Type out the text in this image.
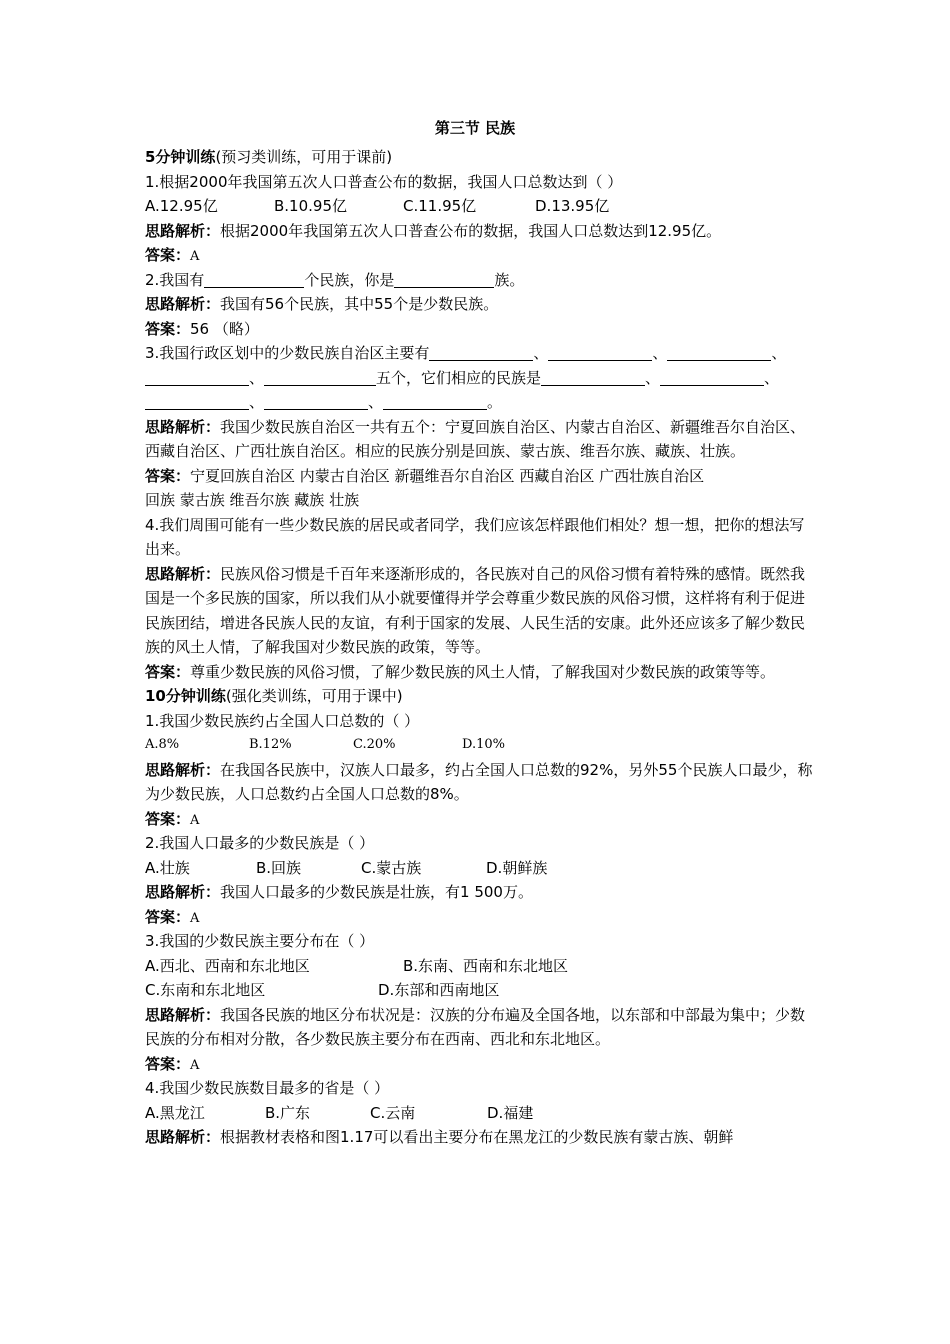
第三节 民族
5分钟训练(预习类训练，可用于课前)
1.根据2000年我国第五次人口普查公布的数据，我国人口总数达到（ ）
A.12.95亿	B.10.95亿	C.11.95亿	D.13.95亿
思路解析：根据2000年我国第五次人口普查公布的数据，我国人口总数达到12.95亿。
答案：A
2.我国有	个民族，你是	族。
思路解析：我国有56个民族，其中55个是少数民族。
答案：56 （略）
3.我国行政区划中的少数民族自治区主要有	、	、	、
、	五个，它们相应的民族是	、	、
、	、	。
思路解析：我国少数民族自治区一共有五个：宁夏回族自治区、内蒙古自治区、新疆维吾尔自治区、西藏自治区、广西壮族自治区。相应的民族分别是回族、蒙古族、维吾尔族、藏族、壮族。
答案：宁夏回族自治区 内蒙古自治区 新疆维吾尔自治区 西藏自治区 广西壮族自治区
回族 蒙古族 维吾尔族 藏族 壮族
4.我们周围可能有一些少数民族的居民或者同学，我们应该怎样跟他们相处？想一想，把你的想法写出来。
思路解析：民族风俗习惯是千百年来逐渐形成的，各民族对自己的风俗习惯有着特殊的感情。既然我国是一个多民族的国家，所以我们从小就要懂得并学会尊重少数民族的风俗习惯，这样将有利于促进民族团结，增进各民族人民的友谊，有利于国家的发展、人民生活的安康。此外还应该多了解少数民族的风土人情，了解我国对少数民族的政策，等等。
答案：尊重少数民族的风俗习惯，了解少数民族的风土人情，了解我国对少数民族的政策等等。
10分钟训练(强化类训练，可用于课中)
1.我国少数民族约占全国人口总数的（ ）
A.8%	B.12%	C.20%	D.10%
思路解析：在我国各民族中，汉族人口最多，约占全国人口总数的92%，另外55个民族人口最少，称为少数民族，人口总数约占全国人口总数的8%。
答案：A
2.我国人口最多的少数民族是（ ）
A.壮族	B.回族	C.蒙古族	D.朝鲜族
思路解析：我国人口最多的少数民族是壮族，有1 500万。
答案：A
3.我国的少数民族主要分布在（ ）
A.西北、西南和东北地区	B.东南、西南和东北地区
C.东南和东北地区	D.东部和西南地区
思路解析：我国各民族的地区分布状况是：汉族的分布遍及全国各地，以东部和中部最为集中；少数民族的分布相对分散，各少数民族主要分布在西南、西北和东北地区。
答案：A
4.我国少数民族数目最多的省是（ ）
A.黑龙江	B.广东	C.云南	D.福建
思路解析：根据教材表格和图1.17可以看出主要分布在黑龙江的少数民族有蒙古族、朝鲜
